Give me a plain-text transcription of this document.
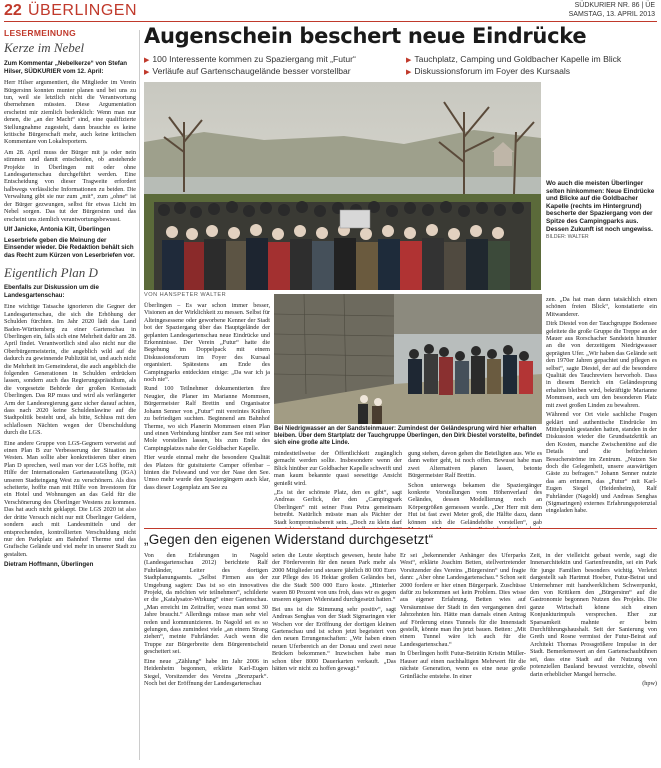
22 ÜBERLINGEN	SÜDKURIER NR. 86 | ÜE
SAMSTAG, 13. APRIL 2013
LESERMEINUNG
Kerze im Nebel
Zum Kommentar „Nebelkerze“ von Stefan Hilser, SÜDKURIER vom 12. April:

Herr Hilser argumentiert, die Mitglieder im Verein Bürgersinn konnten munter planen und bei uns zu tun, weil sie letztlich nicht die Verantwortung übernehmen müssten. Diese Argumentation erscheint mir ziemlich bedenklich: Wenn man nur denen, die „an der Macht“ sind, eine qualifizierte Stellungnahme zugesteht, dann brauchte es keine kritische Bürgerschaft mehr, auch keine kritischen Kommentare von Lokalreportern.

Am 28. April muss der Bürger mit ja oder nein stimmen und damit entscheiden, ob anstehende Projekte in Überlingen mit oder ohne Landesgartenschau durchgeführt werden. Eine Entscheidung von dieser Tragweite erfordert halbwegs verlässliche Informationen zu beiden. Die Verwaltung gibt sie nur zum „mit“, zum „ohne“ ist der Bürger gezwungen, selbst für etwas Licht im Nebel sorgen. Das tut der Bürgersinn und das erscheint uns ziemlich verantwortungsbewusst.

Ulf Janicke, Antonia Kilt, Überlingen
Leserbriefe geben die Meinung der Einsender wieder. Die Redaktion behält sich das Recht zum Kürzen von Leserbriefen vor.
Eigentlich Plan D
Ebenfalls zur Diskussion um die Landesgartenschau:

Eine wichtige Tatsache ignorieren die Gegner der Landesgartenschau, die sich die Erhöhung der Schulden fürchten. Im Jahr 2020 lädt das Land Baden-Württemberg zu einer Gartenschau in Überlingen ein, falls sich eine Mehrheit dafür am 28. April findet. Verantwortlich sind also nicht nur die Oberbürgermeisterin, die angeblich wild auf die dadurch zu gewinnende Publizität ist, und auch nicht die Mehrheit im Gemeinderat, die auch angeblich die folgenden Generationen in Schulden erdrücken lassen, sondern auch das Regierungspräsidium, als die vorgesetzte Behörde der großen Kreisstadt Überlingen. Das RP muss und wird als verlängerter Arm der Landesregierung ganz sicher darauf achten, dass nach 2020 keine Schuldenlawine auf die Stadtpolitik besteht und, als bitte, Schluss mit den schlaflosen Nächten wegen der Überschuldung durch die LGS.

Eine andere Gruppe von LGS-Gegnern verweist auf einen Plan B zur Verbesserung der Situation im Westen. Man sollte aber konkretisieren über einen Plan D sprechen, weil man vor der LGS hoffte, mit Hilfe der Internationalen Gartenausstellung (IGA) unseren Stadteingang West zu verschönern. Als dies scheiterte, hoffte man mit Hilfe von Investoren für ein Hotel und Wohnungen an das Geld für die Verschönerung des Überlinger Westens zu kommen. Das hat auch nicht geklappt. Die LGS 2020 ist also der dritte Versuch nicht nur mit Überlinger Geldern, sondern auch mit Landesmitteln und der entsprechenden, kontrollierten Verschuldung nicht nur den Parkplatz am Bahnhof Therme und das Grafische Gelände und viel mehr in unserer Stadt zu gestalten.

Dietram Hoffmann, Überlingen
Augenschein beschert neue Eindrücke
▶ 100 Interessente kommen zu Spaziergang mit „Futur“
▶ Verläufe auf Gartenschaugelände besser vorstellbar
▶ Tauchplatz, Camping und Goldbacher Kapelle im Blick
▶ Diskussionsforum im Foyer des Kursaals
Wo auch die meisten Überlinger selten hinkommen: Neue Eindrücke und Blicke auf die Goldbacher Kapelle (rechts im Hintergrund) bescherte der Spaziergang von der Spitze des Campingparks aus. Dessen Zukunft ist noch ungewiss.
BILDER: WALTER
VON HANSPETER WALTER

Überlingen – Es war schon immer besser, Visionen an der Wirklichkeit zu messen. Selbst für Alteingesessene oder geworbene Kenner der Stadt bot der Spaziergang über das Hauptgelände der geplanten Landesgartenschau neue Eindrücke und Erkenntnisse. Der Verein „Futur“ hatte die Begehung im Doppelpack mit einem Diskussionsforum im Foyer des Kursaal organisiert. Spätestens am Ende des Campingparks entdeckten einige: „Da war ich ja noch nie“.

Rund 100 Teilnehmer dokumentierten ihre Neugier, die Planer im Marianne Mommsen, Bürgermeister Ralf Brettin und Organisator Johann Senner von „Futur“ mit vereintes Kräften zu befriedigen suchten. Beginnend am Bahnhof Therme, wo sich Planerin Mommsen einen Plan und einen Verbindung hinüber zum See mit seiner Mole vorstellen lassen, bis zum Ende des Campingplatzes nahe der Goldbacher Kapelle.

Hier wurde einmal mehr die besondere Qualität des Platzes für gutsituierte Camper offenbar – hinten die Felswand und vor der Nase den See. Umso mehr wurde den Spaziergängern auch klar, dass dieser Logenplatz am See zu

Bei Niedrigwasser an der Sandsteinmauer: Zumindest der Geländesprung wird hier erhalten bleiben. Über dem Startplatz der Tauchgruppe Überlingen, den Dirk Diestel vorstellte, befindet sich eine große alte Linde.

mindestteilweise der Öffentlichkeit zugänglich gemacht werden sollte. Insbesondere wenn der Blick hinüber zur Goldbacher Kapelle schweift und man kaum bekannte quasi seeseitige Ansicht genießt wird.

„Es ist der schönste Platz, den es gibt“, sagt Andreas Gerlick, der den „Campingpark Überlingen“ mit seiner Frau Petra gemeinsam betreibt. Natürlich müsste man als Pächter der Stadt kompromissbereit sein. „Doch zu klein darf

gung stehen, davon gehen die Beteiligten aus. Wie es dann weiter geht, ist noch offen. Bewusst habe man zwei Alternativen planen lassen, betonte Bürgermeister Ralf Brettin.

Schon unterwegs bekamen die Spaziergänger konkrete Vorstellungen vom Höhenverlauf des Geländes, dessen Modellierung noch an Körpergrößen gemessen wurde. „Der Herr mit dem Hut ist fast zwei Meter groß, die Hälfte dazu, dann können sich die Geländehöhe vorstellen“, gab

zen. „Da hat man dann tatsächlich einen schönen freien Blick“, konstatierte ein Mitwanderer.

Dirk Diestel von der Tauchgruppe Bodensee geleitete die große Gruppe die Treppe an der Mauer aus Rorschacher Sandstein hinunter an die von derzeitigem Niedrigwasser geprägten Ufer. „Wir haben das Gelände seit den 1970er Jahren gepachtet und pflegen es selbst“, sagte Diestel, der auf die besondere Qualität des Tauchreviers hervorhob. Dass in diesem Bereich ein Geländesprung erhalten bleiben wird, bekräftigte Marianne Mommsen, auch um den besonderen Platz mit zwei großen Linden zu bewahren.

Während vor Ort viele sachliche Fragen geklärt und authentische Eindrücke im Mittelpunkt gestanden hatten, standen in der Diskussion wieder die Grundsatzkritik an den Kosten, manche Zwischentöne auf die Details und die befürchteten Besucherströme im Zentrum. „Nutzen Sie doch die Gelegenheit, unsere auswärtigen Gäste zu befragen.“ Johann Senner nutzte das am erinnern, das „Futur“ mit Karl-Eugen Siegel (Heidenheim), Ralf Fuhrländer (Nagold) und Andreas Senghas (Sigmaringen) externes Erfahrungspotenzial eingeladen habe.

„Gegen den eigenen Widerstand durchgesetzt“

Von den Erfahrungen in Nagold (Landesgartenschau 2012) berichtete Ralf Fuhrländer, Leiter des dortigen Stadtplanungsamts. „Selbst Firmen aus der Umgebung sagten: Das ist so ein innovatives Projekt, da möchten wir teilnehmen“, schilderte er die „Katalysator-Wirkung“ einer Gartenschau. „Man erreicht im Zeitraffer, wozu man sonst 30 Jahre braucht.“ Allerdings müsse man sehr viel reden und kommunizieren. In Nagold sei es so gelungen, dass zumindest viele „an einem Strang ziehen“, meinte Fuhrländer. Auch wenn die Truppe zur Bürgerbreite dem Bürgerentscheid gescheitert sei.

Eine neue „Zählung“ habe im Jahr 2006 in Heidenheim begonnen, erklärte Karl-Eugen Siegel, Vorsitzender des Vereins „Brenzpark“. Noch bei der Eröffnung der Landesgartenschau

seien die Leute skeptisch gewesen, heute habe der Förderverein für den neuen Park mehr als 2000 Mitglieder und steuere jährlich 80 000 Euro zur Pflege des 16 Hektar großen Geländes bei, die die Stadt 500 000 Euro koste. „Hinterher waren 80 Prozent von uns froh, dass wir es gegen unseren eigenen Widerstand durchgesetzt hatten.“

Bei uns ist die Stimmung sehr positiv“, sagt Andreas Senghas von der Stadt Sigmaringen vier Wochen vor der Eröffnung der dortigen kleinen Gartenschau und ist schon jetzt begeistert von den neuen Errungenschaften: „Wir haben einen neuen Uferbereich an der Donau und zwei neue Brücken bekommen.“ Inzwischen habe man schon über 8000 Dauerkarten verkauft. „Das hätten wir nicht zu hoffen gewagt.“

Er sei „bekennender Anhänger des Uferparks West“, erklärte Joachim Betten, stellvertretender Vorsitzender des Vereins „Bürgersinn“ und fragte dann: „Aber ohne Landesgartenschau.“ Schon seit 2000 fordere er hier einen Bürgerpark. Zuschüsse dafür zu bekommen sei kein Problem. Dies wisse aus eigener Erfahrung. Betten wies auf Versäumnisse der Stadt in den vergangenen drei Jahrzehnten hin. Hätte man damals einen Antrag auf Förderung eines Tunnels für die Innenstadt gestellt, könnte man ihn jetzt bauen. Betten: „Mit einem Tunnel wäre ich auch für die Landesgartenschau.“

In Überlingen hofft Futur-Beirätin Kristin Müller-Hauser auf einen nachhaltigen Mehrwert für die nächste Generation, wenn es eine neue große Grünfläche entstehe. In einer

Zeit, in der vielleicht gebaut werde, sagt die Innenarchitektin und Gartenfreundin, sei ein Park für junge Familien besonders wichtig. Verletzt dargestellt sah Hartmut Hoeber, Futur-Beirat und Unternehmer mit handwerklichem Schwerpunkt, den von Kritikern den „Bürgersinn“ auf die Gastronomie begonnen Nutzen des Projekts. Die ganze Wirtschaft könne sich einen Konjunkturimpuls versprechen. Eher zur Sparsamkeit mahnte er beim Durchführungshaushalt. Seit der Sanierung von Greth und Rosne vermisst der Futur-Beirat auf Architekt Thomas Prossgrößere Impulse in der Stadt. Bemerkenswert an den Gartenschaubühnen sei, dass eine Stadt auf die Nutzung von potenziellen Bauland bewusst verzichte, obwohl darin erheblicher Mangel herrsche.

(hpw)
